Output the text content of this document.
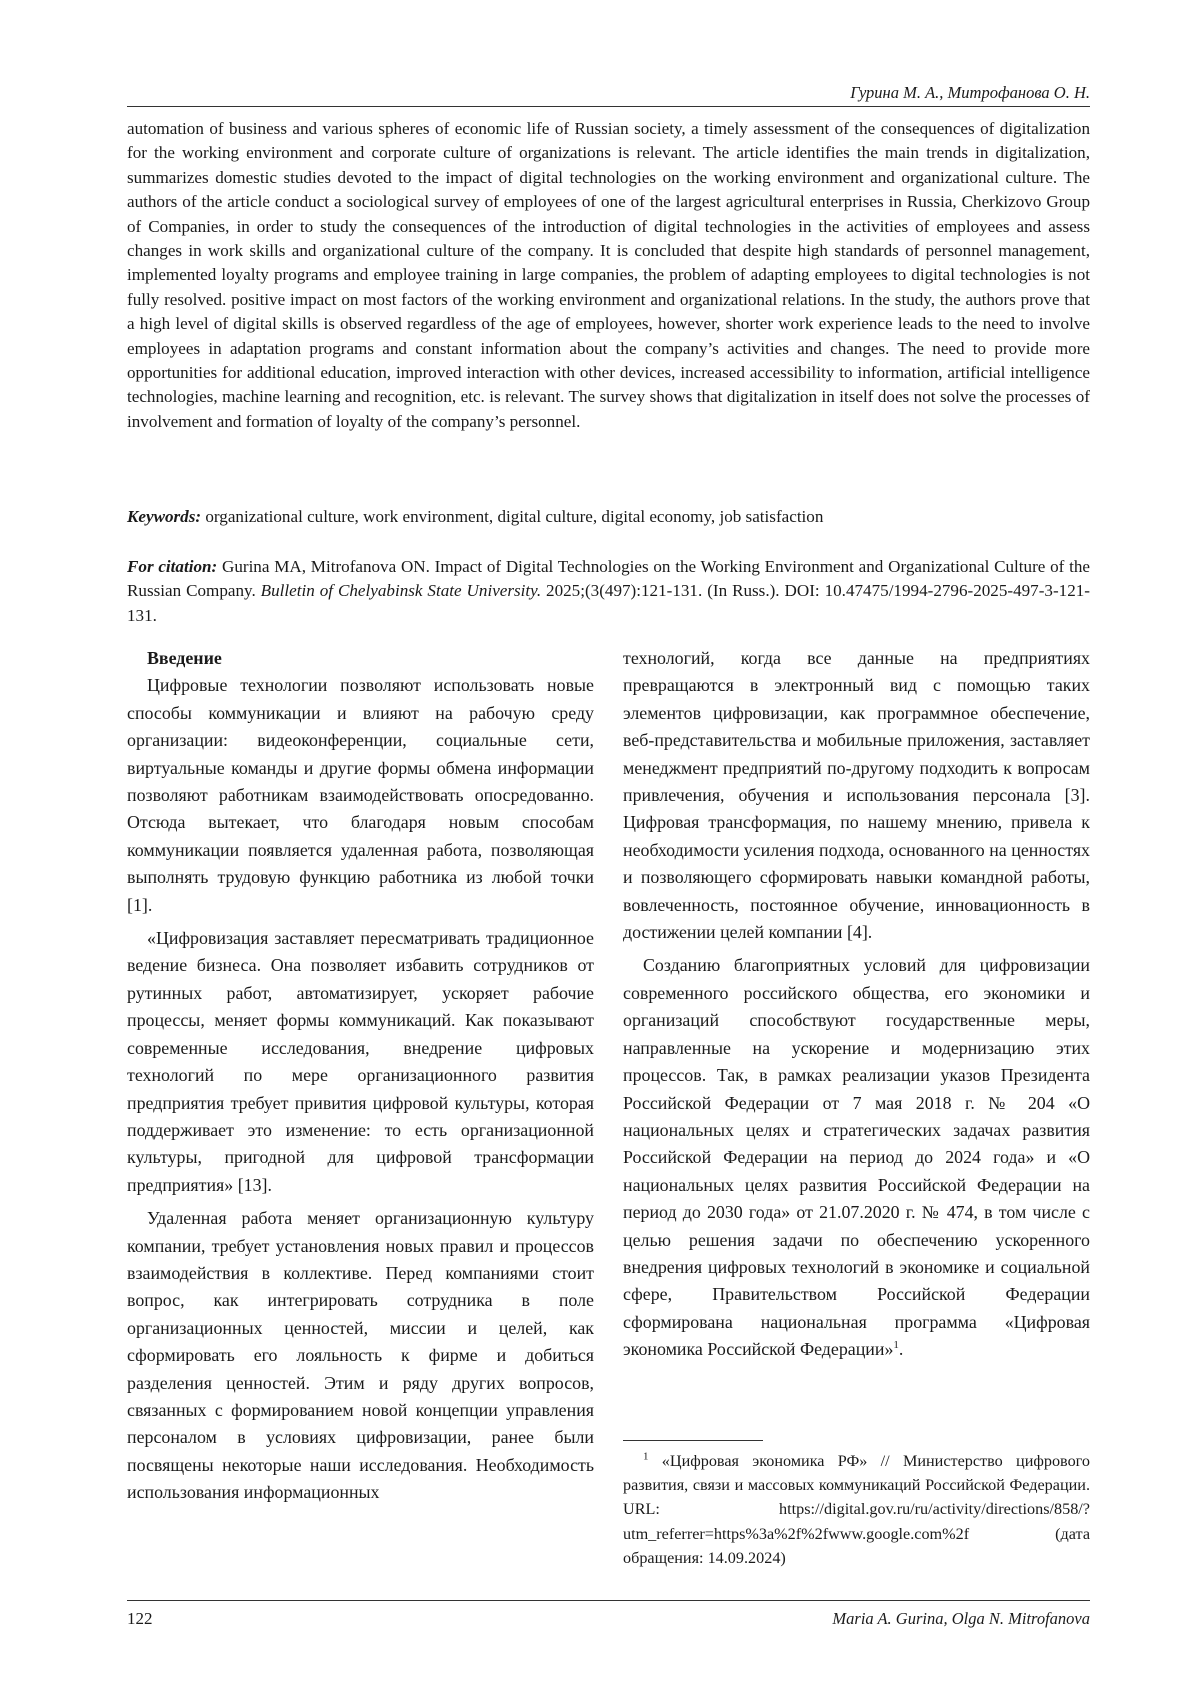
Гурина М. А., Митрофанова О. Н.

automation of business and various spheres of economic life of Russian society, a timely assessment of the consequences of digitalization for the working environment and corporate culture of organizations is relevant. The article identifies the main trends in digitalization, summarizes domestic studies devoted to the impact of digital technologies on the working environment and organizational culture. The authors of the article conduct a sociological survey of employees of one of the largest agricultural enterprises in Russia, Cherkizovo Group of Companies, in order to study the consequences of the introduction of digital technologies in the activities of employees and assess changes in work skills and organizational culture of the company. It is concluded that despite high standards of personnel management, implemented loyalty programs and employee training in large companies, the problem of adapting employees to digital technologies is not fully resolved. positive impact on most factors of the working environment and organizational relations. In the study, the authors prove that a high level of digital skills is observed regardless of the age of employees, however, shorter work experience leads to the need to involve employees in adaptation programs and constant information about the company’s activities and changes. The need to provide more opportunities for additional education, improved interaction with other devices, increased accessibility to information, artificial intelligence technologies, machine learning and recognition, etc. is relevant. The survey shows that digitalization in itself does not solve the processes of involvement and formation of loyalty of the company’s personnel.

Keywords: organizational culture, work environment, digital culture, digital economy, job satisfaction

For citation: Gurina MA, Mitrofanova ON. Impact of Digital Technologies on the Working Environment and Organizational Culture of the Russian Company. Bulletin of Chelyabinsk State University. 2025;(3(497):121-131. (In Russ.). DOI: 10.47475/1994-2796-2025-497-3-121-131.

Введение

Цифровые технологии позволяют использовать новые способы коммуникации и влияют на рабочую среду организации: видеоконференции, социальные сети, виртуальные команды и другие формы обмена информации позволяют работникам взаимодействовать опосредованно. Отсюда вытекает, что благодаря новым способам коммуникации появляется удаленная работа, позволяющая выполнять трудовую функцию работника из любой точки [1].

«Цифровизация заставляет пересматривать традиционное ведение бизнеса. Она позволяет избавить сотрудников от рутинных работ, автоматизирует, ускоряет рабочие процессы, меняет формы коммуникаций. Как показывают современные исследования, внедрение цифровых технологий по мере организационного развития предприятия требует привития цифровой культуры, которая поддерживает это изменение: то есть организационной культуры, пригодной для цифровой трансформации предприятия» [13].

Удаленная работа меняет организационную культуру компании, требует установления новых правил и процессов взаимодействия в коллективе. Перед компаниями стоит вопрос, как интегрировать сотрудника в поле организационных ценностей, миссии и целей, как сформировать его лояльность к фирме и добиться разделения ценностей. Этим и ряду других вопросов, связанных с формированием новой концепции управления персоналом в условиях цифровизации, ранее были посвящены некоторые наши исследования. Необходимость использования информационных

технологий, когда все данные на предприятиях превращаются в электронный вид с помощью таких элементов цифровизации, как программное обеспечение, веб-представительства и мобильные приложения, заставляет менеджмент предприятий по-другому подходить к вопросам привлечения, обучения и использования персонала [3]. Цифровая трансформация, по нашему мнению, привела к необходимости усиления подхода, основанного на ценностях и позволяющего сформировать навыки командной работы, вовлеченность, постоянное обучение, инновационность в достижении целей компании [4].

Созданию благоприятных условий для цифровизации современного российского общества, его экономики и организаций способствуют государственные меры, направленные на ускорение и модернизацию этих процессов. Так, в рамках реализации указов Президента Российской Федерации от 7 мая 2018 г. № 204 «О национальных целях и стратегических задачах развития Российской Федерации на период до 2024 года» и «О национальных целях развития Российской Федерации на период до 2030 года» от 21.07.2020 г. № 474, в том числе с целью решения задачи по обеспечению ускоренного внедрения цифровых технологий в экономике и социальной сфере, Правительством Российской Федерации сформирована национальная программа «Цифровая экономика Российской Федерации»$^1$.

$^1$ «Цифровая экономика РФ» // Министерство цифрового развития, связи и массовых коммуникаций Российской Федерации. URL: https://digital.gov.ru/ru/activity/directions/858/?utm_referrer=https%3a%2f%2fwww.google.com%2f (дата обращения: 14.09.2024)

122	Maria A. Gurina, Olga N. Mitrofanova
